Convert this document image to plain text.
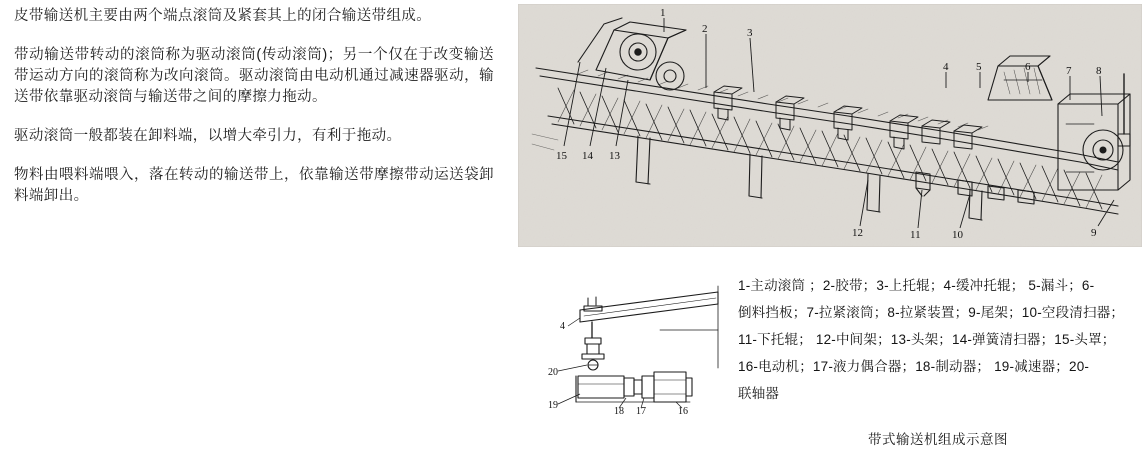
皮带输送机主要由两个端点滚筒及紧套其上的闭合输送带组成。

带动输送带转动的滚筒称为驱动滚筒(传动滚筒)；另一个仅在于改变输送带运动方向的滚筒称为改向滚筒。驱动滚筒由电动机通过减速器驱动，输送带依靠驱动滚筒与输送带之间的摩擦力拖动。

驱动滚筒一般都装在卸料端，以增大牵引力，有利于拖动。

物料由喂料端喂入，落在转动的输送带上，依靠输送带摩擦带动运送袋卸料端卸出。

1
2	3
4	5	6	7 8
9
10
11
12
13
14
15
4
20
19
18 17	16
1-主动滚筒 ；2-胶带；3-上托辊；4-缓冲托辊； 5-漏斗；6-
倒料挡板；7-拉紧滚筒；8-拉紧装置；9-尾架；10-空段清扫器；
11-下托辊； 12-中间架；13-头架；14-弹簧清扫器；15-头罩；
16-电动机；17-液力偶合器；18-制动器； 19-减速器；20-
联轴器
带式输送机组成示意图
